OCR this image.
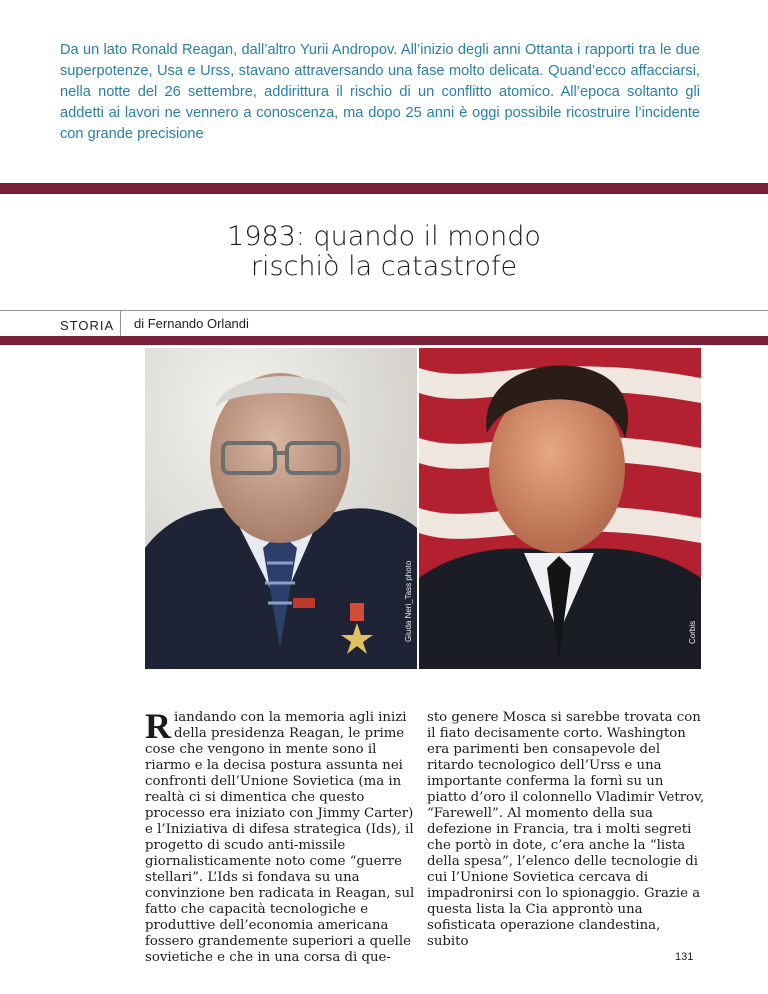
Da un lato Ronald Reagan, dall’altro Yurii Andropov. All’inizio degli anni Ottanta i rapporti tra le due superpotenze, Usa e Urss, stavano attraversando una fase molto delicata. Quand’ecco affacciarsi, nella notte del 26 settembre, addirittura il rischio di un conflitto atomico. All’epoca soltanto gli addetti ai lavori ne vennero a conoscenza, ma dopo 25 anni è oggi possibile ricostruire l’incidente con grande precisione

1983: quando il mondo
rischiò la catastrofe
STORIA di Fernando Orlandi
Giuda Neri_Tass photo	Corbis

Riandando con la memoria agli inizi della presidenza Reagan, le prime cose che vengono in mente sono il riarmo e la decisa postura assunta nei confronti dell’Unione Sovietica (ma in realtà ci si dimentica che questo processo era iniziato con Jimmy Carter) e l’Iniziativa di difesa strategica (Ids), il progetto di scudo anti-missile giornalisticamente noto come “guerre stellari”. L’Ids si fondava su una convinzione ben radicata in Reagan, sul fatto che capacità tecnologiche e produttive dell’economia americana fossero grandemente superiori a quelle sovietiche e che in una corsa di que-

sto genere Mosca si sarebbe trovata con il fiato decisamente corto. Washington era parimenti ben consapevole del ritardo tecnologico dell’Urss e una importante conferma la fornì su un piatto d’oro il colonnello Vladimir Vetrov, “Farewell”. Al momento della sua defezione in Francia, tra i molti segreti che portò in dote, c’era anche la “lista della spesa”, l’elenco delle tecnologie di cui l’Unione Sovietica cercava di impadronirsi con lo spionaggio. Grazie a questa lista la Cia approntò una sofisticata operazione clandestina, subito

131
